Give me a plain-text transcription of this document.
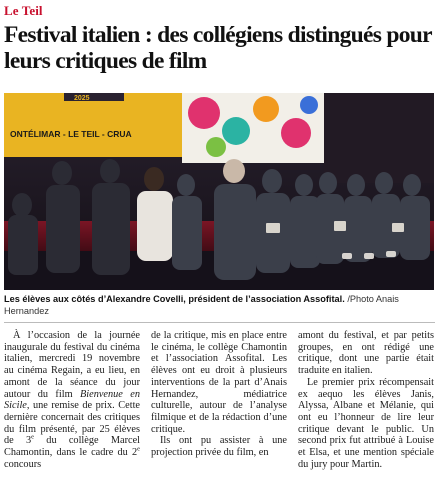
Le Teil
Festival italien : des collégiens distingués pour leurs critiques de film
2025
ONTÉLIMAR - LE TEIL - CRUA
Les élèves aux côtés d’Alexandre Covelli, président de l’association Assofital. /Photo Anais Hernandez

À l’occasion de la journée inaugurale du festival du cinéma italien, mercredi 19 novembre au cinéma Regain, a eu lieu, en amont de la séance du jour autour du film Bienvenue en Sicile, une remise de prix. Cette dernière concernait des critiques du film présenté, par 25 élèves de 3e du collège Marcel Chamontin, dans le cadre du 2e concours

de la critique, mis en place entre le cinéma, le collège Chamontin et l’association Assofital. Les élèves ont eu droit à plusieurs interventions de la part d’Anais Hernandez, médiatrice culturelle, autour de l’analyse filmique et de la rédaction d’une critique.

Ils ont pu assister à une projection privée du film, en

amont du festival, et par petits groupes, en ont rédigé une critique, dont une partie était traduite en italien.

Le premier prix récompensait ex aequo les élèves Janis, Alyssa, Albane et Mélanie, qui ont eu l’honneur de lire leur critique devant le public. Un second prix fut attribué à Louise et Elsa, et une mention spéciale du jury pour Martin.
